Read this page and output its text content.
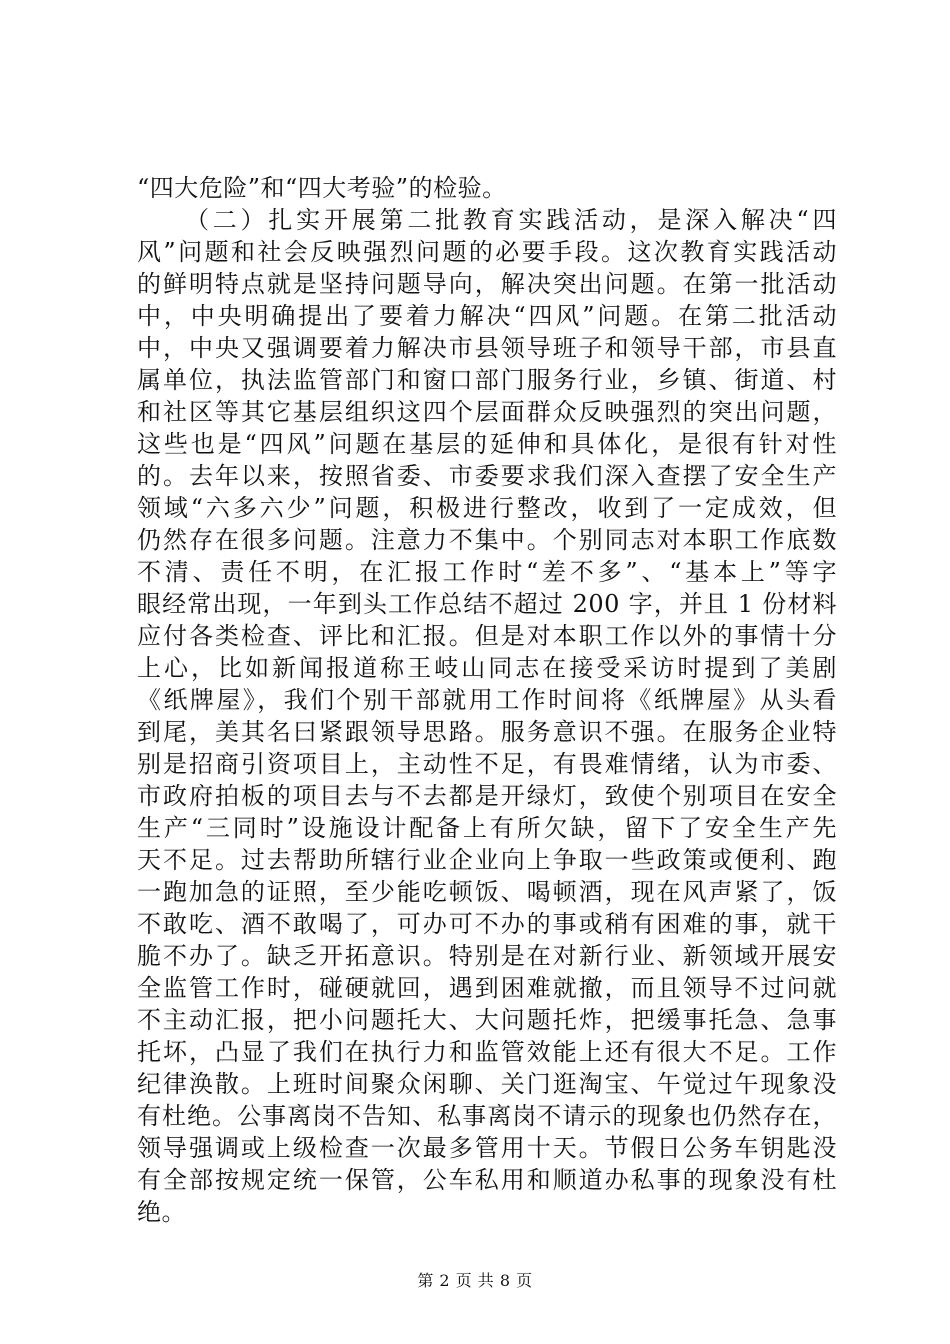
“四大危险”和“四大考验”的检验。
（二）扎实开展第二批教育实践活动，是深入解决“四
风”问题和社会反映强烈问题的必要手段。这次教育实践活动
的鲜明特点就是坚持问题导向，解决突出问题。在第一批活动
中，中央明确提出了要着力解决“四风”问题。在第二批活动
中，中央又强调要着力解决市县领导班子和领导干部，市县直
属单位，执法监管部门和窗口部门服务行业，乡镇、街道、村
和社区等其它基层组织这四个层面群众反映强烈的突出问题，
这些也是“四风”问题在基层的延伸和具体化，是很有针对性
的。去年以来，按照省委、市委要求我们深入查摆了安全生产
领域“六多六少”问题，积极进行整改，收到了一定成效，但
仍然存在很多问题。注意力不集中。个别同志对本职工作底数
不清、责任不明，在汇报工作时“差不多”、“基本上”等字
眼经常出现，一年到头工作总结不超过 200 字，并且 1 份材料
应付各类检查、评比和汇报。但是对本职工作以外的事情十分
上心，比如新闻报道称王岐山同志在接受采访时提到了美剧
《纸牌屋》，我们个别干部就用工作时间将《纸牌屋》从头看
到尾，美其名曰紧跟领导思路。服务意识不强。在服务企业特
别是招商引资项目上，主动性不足，有畏难情绪，认为市委、
市政府拍板的项目去与不去都是开绿灯，致使个别项目在安全
生产“三同时”设施设计配备上有所欠缺，留下了安全生产先
天不足。过去帮助所辖行业企业向上争取一些政策或便利、跑
一跑加急的证照，至少能吃顿饭、喝顿酒，现在风声紧了，饭
不敢吃、酒不敢喝了，可办可不办的事或稍有困难的事，就干
脆不办了。缺乏开拓意识。特别是在对新行业、新领域开展安
全监管工作时，碰硬就回，遇到困难就撤，而且领导不过问就
不主动汇报，把小问题托大、大问题托炸，把缓事托急、急事
托坏，凸显了我们在执行力和监管效能上还有很大不足。工作
纪律涣散。上班时间聚众闲聊、关门逛淘宝、午觉过午现象没
有杜绝。公事离岗不告知、私事离岗不请示的现象也仍然存在，
领导强调或上级检查一次最多管用十天。节假日公务车钥匙没
有全部按规定统一保管，公车私用和顺道办私事的现象没有杜
绝。
第 2 页 共 8 页
